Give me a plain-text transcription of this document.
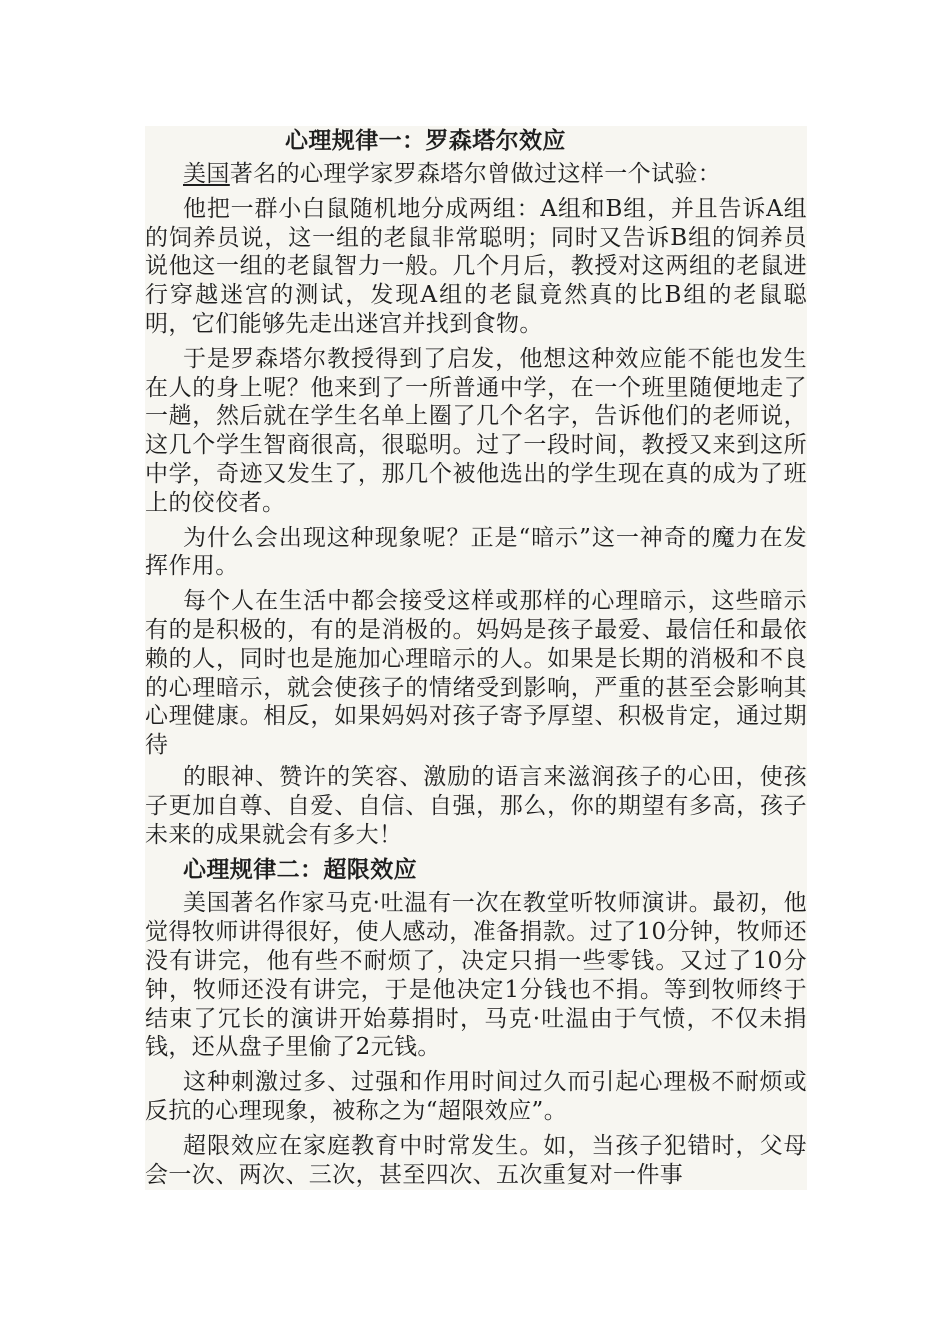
心理规律一：罗森塔尔效应
美国著名的心理学家罗森塔尔曾做过这样一个试验：
他把一群小白鼠随机地分成两组：A组和B组，并且告诉A组的饲养员说，这一组的老鼠非常聪明；同时又告诉B组的饲养员说他这一组的老鼠智力一般。几个月后，教授对这两组的老鼠进行穿越迷宫的测试，发现A组的老鼠竟然真的比B组的老鼠聪明，它们能够先走出迷宫并找到食物。
于是罗森塔尔教授得到了启发，他想这种效应能不能也发生在人的身上呢？他来到了一所普通中学，在一个班里随便地走了一趟，然后就在学生名单上圈了几个名字，告诉他们的老师说，这几个学生智商很高，很聪明。过了一段时间，教授又来到这所中学，奇迹又发生了，那几个被他选出的学生现在真的成为了班上的佼佼者。
为什么会出现这种现象呢？正是“暗示”这一神奇的魔力在发挥作用。
每个人在生活中都会接受这样或那样的心理暗示，这些暗示有的是积极的，有的是消极的。妈妈是孩子最爱、最信任和最依赖的人，同时也是施加心理暗示的人。如果是长期的消极和不良的心理暗示，就会使孩子的情绪受到影响，严重的甚至会影响其心理健康。相反，如果妈妈对孩子寄予厚望、积极肯定，通过期待
的眼神、赞许的笑容、激励的语言来滋润孩子的心田，使孩子更加自尊、自爱、自信、自强，那么，你的期望有多高，孩子未来的成果就会有多大！
心理规律二：超限效应
美国著名作家马克·吐温有一次在教堂听牧师演讲。最初，他觉得牧师讲得很好，使人感动，准备捐款。过了10分钟，牧师还没有讲完，他有些不耐烦了，决定只捐一些零钱。又过了10分钟，牧师还没有讲完，于是他决定1分钱也不捐。等到牧师终于结束了冗长的演讲开始募捐时，马克·吐温由于气愤，不仅未捐钱，还从盘子里偷了2元钱。
这种刺激过多、过强和作用时间过久而引起心理极不耐烦或反抗的心理现象，被称之为“超限效应”。
超限效应在家庭教育中时常发生。如，当孩子犯错时，父母会一次、两次、三次，甚至四次、五次重复对一件事
